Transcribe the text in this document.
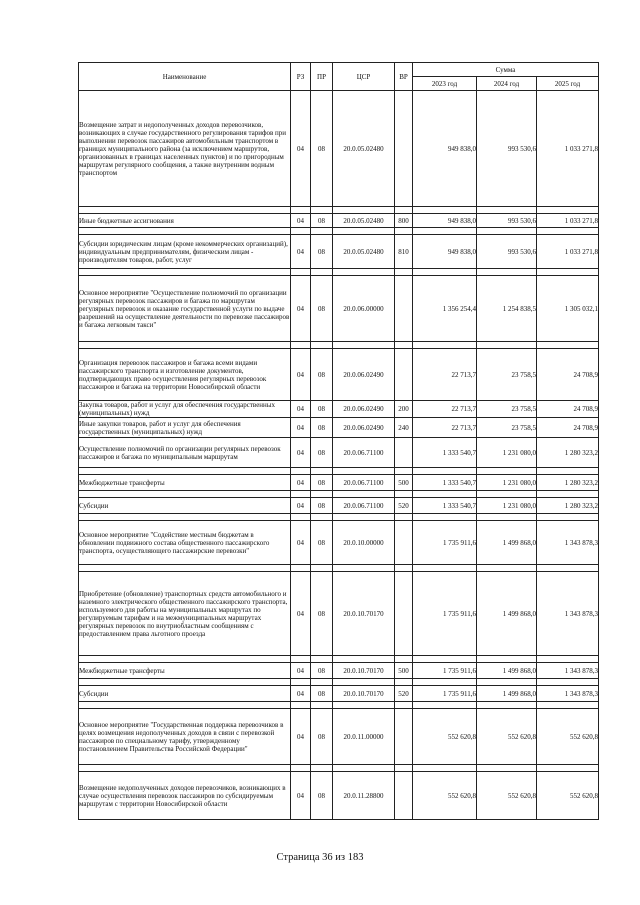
Наименование	РЗ	ПР	ЦСР	ВР	Сумма		
					2023 год	2024 год	2025 год
Возмещение затрат и недополученных доходов перевозчиков, возникающих в случае государственного регулирования тарифов при выполнении перевозок пассажиров автомобильным транспортом в границах муниципального района (за исключением маршрутов, организованных в границах населенных пунктов) и по пригородным маршрутам регулярного сообщения, а также внутренним водным транспортом	04	08	20.0.05.02480		949 838,0	993 530,6	1 033 271,8

Иные бюджетные ассигнования	04	08	20.0.05.02480	800	949 838,0	993 530,6	1 033 271,8

Субсидии юридическим лицам (кроме некоммерческих организаций), индивидуальным предпринимателям, физическим лицам - производителям товаров, работ, услуг	04	08	20.0.05.02480	810	949 838,0	993 530,6	1 033 271,8

Основное мероприятие "Осуществление полномочий по организации регулярных перевозок пассажиров и багажа по маршрутам регулярных перевозок и оказание государственной услуги по выдаче разрешений на осуществление деятельности по перевозке пассажиров и багажа легковым такси"	04	08	20.0.06.00000		1 356 254,4	1 254 838,5	1 305 032,1

Организация перевозок пассажиров и багажа всеми видами пассажирского транспорта и изготовление документов, подтверждающих право осуществления регулярных перевозок пассажиров и багажа на территории Новосибирской области	04	08	20.0.06.02490		22 713,7	23 758,5	24 708,9
Закупка товаров, работ и услуг для обеспечения государственных (муниципальных) нужд	04	08	20.0.06.02490	200	22 713,7	23 758,5	24 708,9
Иные закупки товаров, работ и услуг для обеспечения государственных (муниципальных) нужд	04	08	20.0.06.02490	240	22 713,7	23 758,5	24 708,9
Осуществление полномочий по организации регулярных перевозок пассажиров и багажа по муниципальным маршрутам	04	08	20.0.06.71100		1 333 540,7	1 231 080,0	1 280 323,2

Межбюджетные трансферты	04	08	20.0.06.71100	500	1 333 540,7	1 231 080,0	1 280 323,2

Субсидии	04	08	20.0.06.71100	520	1 333 540,7	1 231 080,0	1 280 323,2

Основное мероприятие "Содействие местным бюджетам в обновлении подвижного состава общественного пассажирского транспорта, осуществляющего пассажирские перевозки"	04	08	20.0.10.00000		1 735 911,6	1 499 868,0	1 343 878,3

Приобретение (обновление) транспортных средств автомобильного и наземного электрического общественного пассажирского транспорта, используемого для работы на муниципальных маршрутах по регулируемым тарифам и на межмуниципальных маршрутах регулярных перевозок по внутриобластным сообщениям с предоставлением права льготного проезда	04	08	20.0.10.70170		1 735 911,6	1 499 868,0	1 343 878,3

Межбюджетные трансферты	04	08	20.0.10.70170	500	1 735 911,6	1 499 868,0	1 343 878,3

Субсидии	04	08	20.0.10.70170	520	1 735 911,6	1 499 868,0	1 343 878,3

Основное мероприятие "Государственная поддержка перевозчиков в целях возмещения недополученных доходов в связи с перевозкой пассажиров по специальному тарифу, утвержденному постановлением Правительства Российской Федерации"	04	08	20.0.11.00000		552 620,8	552 620,8	552 620,8

Возмещение недополученных доходов перевозчиков, возникающих в случае осуществления перевозок пассажиров по субсидируемым маршрутам с территории Новосибирской области	04	08	20.0.11.28800		552 620,8	552 620,8	552 620,8
Страница 36 из 183
